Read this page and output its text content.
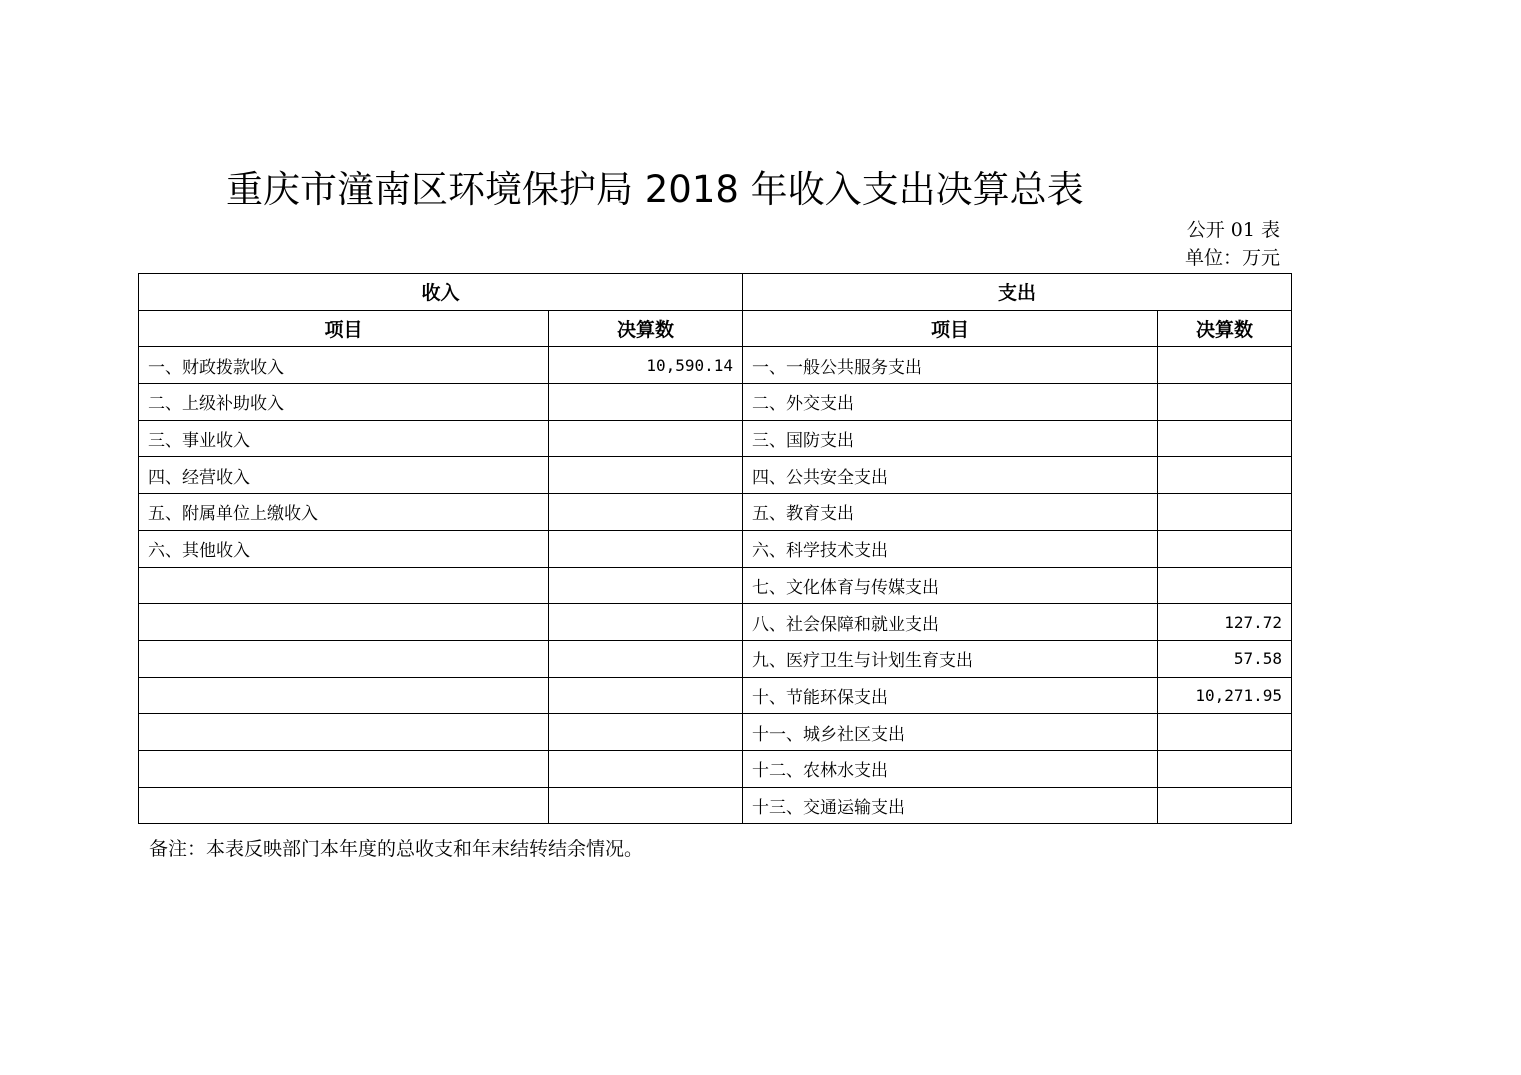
重庆市潼南区环境保护局 2018 年收入支出决算总表
公开 01 表
单位：万元
收入		支出	
项目	决算数	项目	决算数
一、财政拨款收入	10,590.14	一、一般公共服务支出	
二、上级补助收入		二、外交支出	
三、事业收入		三、国防支出	
四、经营收入		四、公共安全支出	
五、附属单位上缴收入		五、教育支出	
六、其他收入		六、科学技术支出	
		七、文化体育与传媒支出	
		八、社会保障和就业支出	127.72
		九、医疗卫生与计划生育支出	57.58
		十、节能环保支出	10,271.95
		十一、城乡社区支出	
		十二、农林水支出	
		十三、交通运输支出	
备注：本表反映部门本年度的总收支和年末结转结余情况。
